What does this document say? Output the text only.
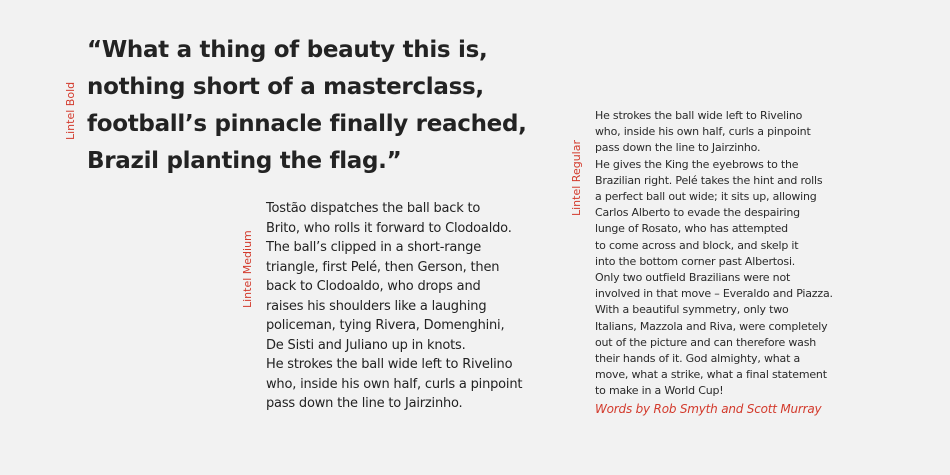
Lintel Bold
Lintel Medium
Lintel Regular
“What a thing of beauty this is,
nothing short of a masterclass,
football’s pinnacle finally reached,
Brazil planting the flag.”
Tostão dispatches the ball back to
Brito, who rolls it forward to Clodoaldo.
The ball’s clipped in a short-range
triangle, first Pelé, then Gerson, then
back to Clodoaldo, who drops and
raises his shoulders like a laughing
policeman, tying Rivera, Domenghini,
De Sisti and Juliano up in knots.
He strokes the ball wide left to Rivelino
who, inside his own half, curls a pinpoint
pass down the line to Jairzinho.
He strokes the ball wide left to Rivelino
who, inside his own half, curls a pinpoint
pass down the line to Jairzinho.
He gives the King the eyebrows to the
Brazilian right. Pelé takes the hint and rolls
a perfect ball out wide; it sits up, allowing
Carlos Alberto to evade the despairing
lunge of Rosato, who has attempted
to come across and block, and skelp it
into the bottom corner past Albertosi.
Only two outfield Brazilians were not
involved in that move – Everaldo and Piazza.
With a beautiful symmetry, only two
Italians, Mazzola and Riva, were completely
out of the picture and can therefore wash
their hands of it. God almighty, what a
move, what a strike, what a final statement
to make in a World Cup!
Words by Rob Smyth and Scott Murray
